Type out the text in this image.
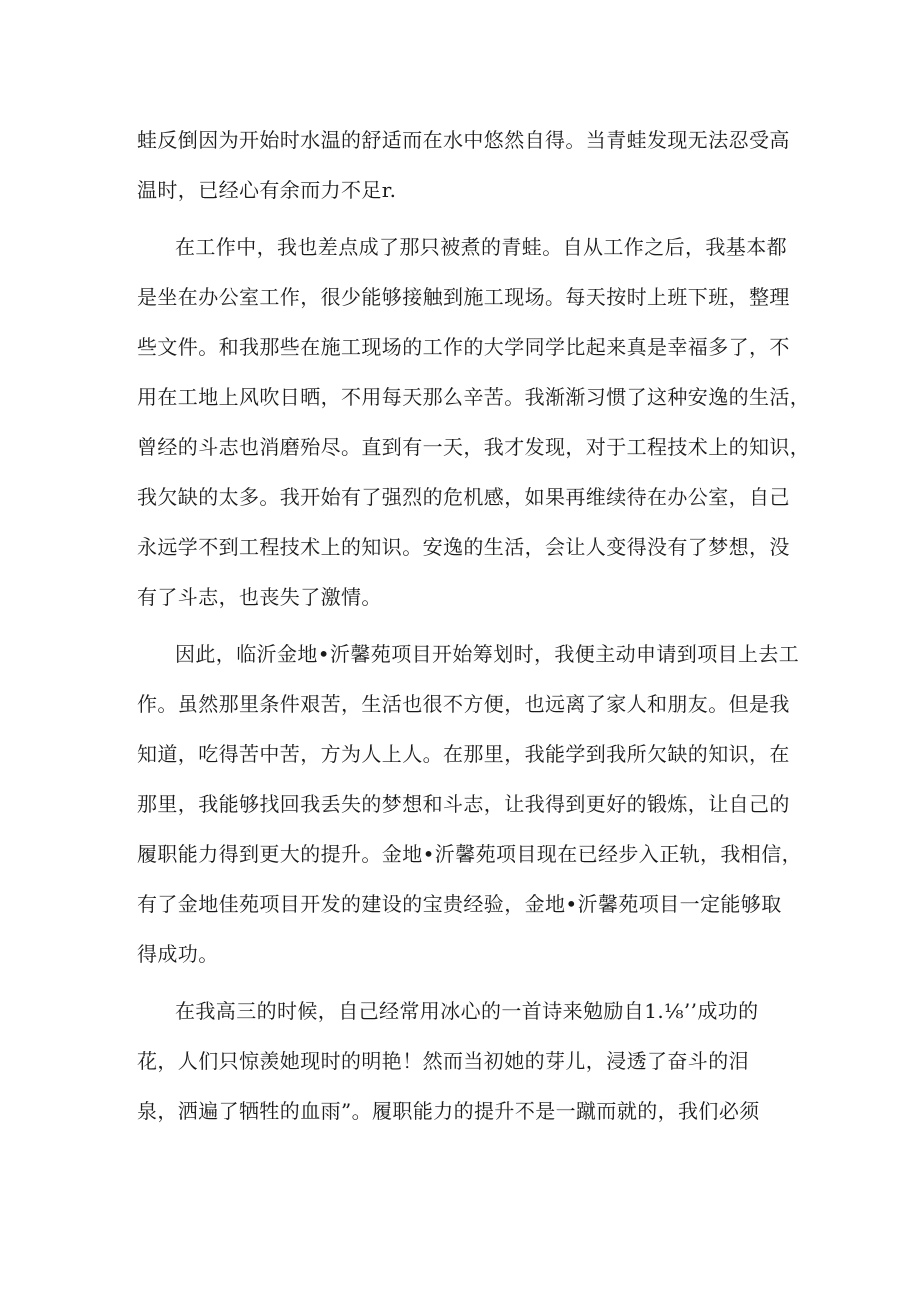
蛙反倒因为开始时水温的舒适而在水中悠然自得。当青蛙发现无法忍受高
温时，已经心有余而力不足r.
在工作中，我也差点成了那只被煮的青蛙。自从工作之后，我基本都
是坐在办公室工作，很少能够接触到施工现场。每天按时上班下班，整理
些文件。和我那些在施工现场的工作的大学同学比起来真是幸福多了，不
用在工地上风吹日晒，不用每天那么辛苦。我渐渐习惯了这种安逸的生活，
曾经的斗志也消磨殆尽。直到有一天，我才发现，对于工程技术上的知识，
我欠缺的太多。我开始有了强烈的危机感，如果再维续待在办公室，自己
永远学不到工程技术上的知识。安逸的生活，会让人变得没有了梦想，没
有了斗志，也丧失了激情。
因此，临沂金地•沂馨苑项目开始筹划时，我便主动申请到项目上去工
作。虽然那里条件艰苦，生活也很不方便，也远离了家人和朋友。但是我
知道，吃得苦中苦，方为人上人。在那里，我能学到我所欠缺的知识，在
那里，我能够找回我丢失的梦想和斗志，让我得到更好的锻炼，让自己的
履职能力得到更大的提升。金地•沂馨苑项目现在已经步入正轨，我相信，
有了金地佳苑项目开发的建设的宝贵经验，金地•沂馨苑项目一定能够取
得成功。
在我高三的时候，自己经常用冰心的一首诗来勉励自1.⅛’’成功的
花，人们只惊羡她现时的明艳！然而当初她的芽儿，浸透了奋斗的泪
泉，洒遍了牺牲的血雨”。履职能力的提升不是一蹴而就的，我们必须
